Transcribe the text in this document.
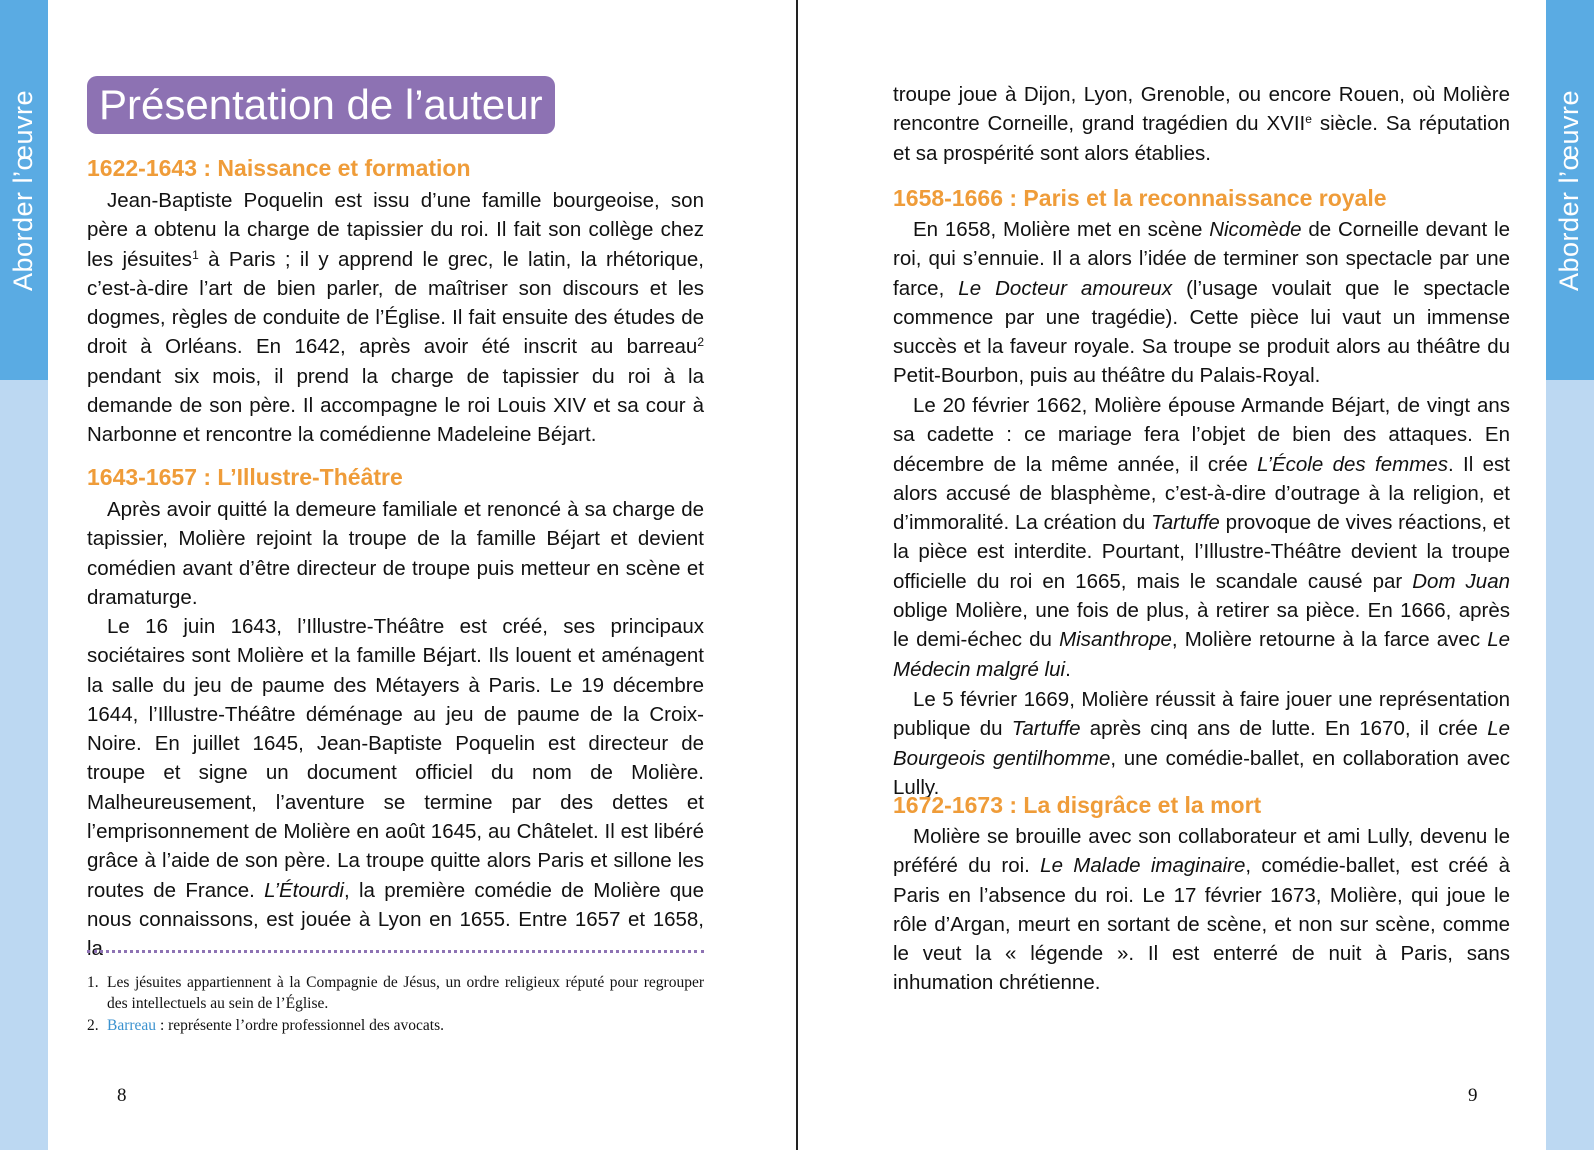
Aborder l’œuvre	Aborder l’œuvre
Présentation de l’auteur
1622-1643 : Naissance et formation

Jean-Baptiste Poquelin est issu d’une famille bourgeoise, son père a obtenu la charge de tapissier du roi. Il fait son collège chez les jésuites$^1$ à Paris ; il y apprend le grec, le latin, la rhétorique, c’est-à-dire l’art de bien parler, de maîtriser son discours et les dogmes, règles de conduite de l’Église. Il fait ensuite des études de droit à Orléans. En 1642, après avoir été inscrit au barreau$^2$ pendant six mois, il prend la charge de tapissier du roi à la demande de son père. Il accompagne le roi Louis XIV et sa cour à Narbonne et rencontre la comédienne Madeleine Béjart.

1643-1657 : L’Illustre-Théâtre

Après avoir quitté la demeure familiale et renoncé à sa charge de tapissier, Molière rejoint la troupe de la famille Béjart et devient comédien avant d’être directeur de troupe puis metteur en scène et dramaturge.

Le 16 juin 1643, l’Illustre-Théâtre est créé, ses principaux sociétaires sont Molière et la famille Béjart. Ils louent et aménagent la salle du jeu de paume des Métayers à Paris. Le 19 décembre 1644, l’Illustre-Théâtre déménage au jeu de paume de la Croix-Noire. En juillet 1645, Jean-Baptiste Poquelin est directeur de troupe et signe un document officiel du nom de Molière. Malheureusement, l’aventure se termine par des dettes et l’emprisonnement de Molière en août 1645, au Châtelet. Il est libéré grâce à l’aide de son père. La troupe quitte alors Paris et sillone les routes de France. L’Étourdi, la première comédie de Molière que nous connaissons, est jouée à Lyon en 1655. Entre 1657 et 1658, la

1. Les jésuites appartiennent à la Compagnie de Jésus, un ordre religieux réputé pour regrouper des intellectuels au sein de l’Église.
2. Barreau : représente l’ordre professionnel des avocats.
8

troupe joue à Dijon, Lyon, Grenoble, ou encore Rouen, où Molière rencontre Corneille, grand tragédien du XVIIe siècle. Sa réputation et sa prospérité sont alors établies.

1658-1666 : Paris et la reconnaissance royale

En 1658, Molière met en scène Nicomède de Corneille devant le roi, qui s’ennuie. Il a alors l’idée de terminer son spectacle par une farce, Le Docteur amoureux (l’usage voulait que le spectacle commence par une tragédie). Cette pièce lui vaut un immense succès et la faveur royale. Sa troupe se produit alors au théâtre du Petit-Bourbon, puis au théâtre du Palais-Royal.

Le 20 février 1662, Molière épouse Armande Béjart, de vingt ans sa cadette : ce mariage fera l’objet de bien des attaques. En décembre de la même année, il crée L’École des femmes. Il est alors accusé de blasphème, c’est-à-dire d’outrage à la religion, et d’immoralité. La création du Tartuffe provoque de vives réactions, et la pièce est interdite. Pourtant, l’Illustre-Théâtre devient la troupe officielle du roi en 1665, mais le scandale causé par Dom Juan oblige Molière, une fois de plus, à retirer sa pièce. En 1666, après le demi-échec du Misanthrope, Molière retourne à la farce avec Le Médecin malgré lui.

Le 5 février 1669, Molière réussit à faire jouer une représentation publique du Tartuffe après cinq ans de lutte. En 1670, il crée Le Bourgeois gentilhomme, une comédie-ballet, en collaboration avec Lully.

1672-1673 : La disgrâce et la mort

Molière se brouille avec son collaborateur et ami Lully, devenu le préféré du roi. Le Malade imaginaire, comédie-ballet, est créé à Paris en l’absence du roi. Le 17 février 1673, Molière, qui joue le rôle d’Argan, meurt en sortant de scène, et non sur scène, comme le veut la « légende ». Il est enterré de nuit à Paris, sans inhumation chrétienne.

9
